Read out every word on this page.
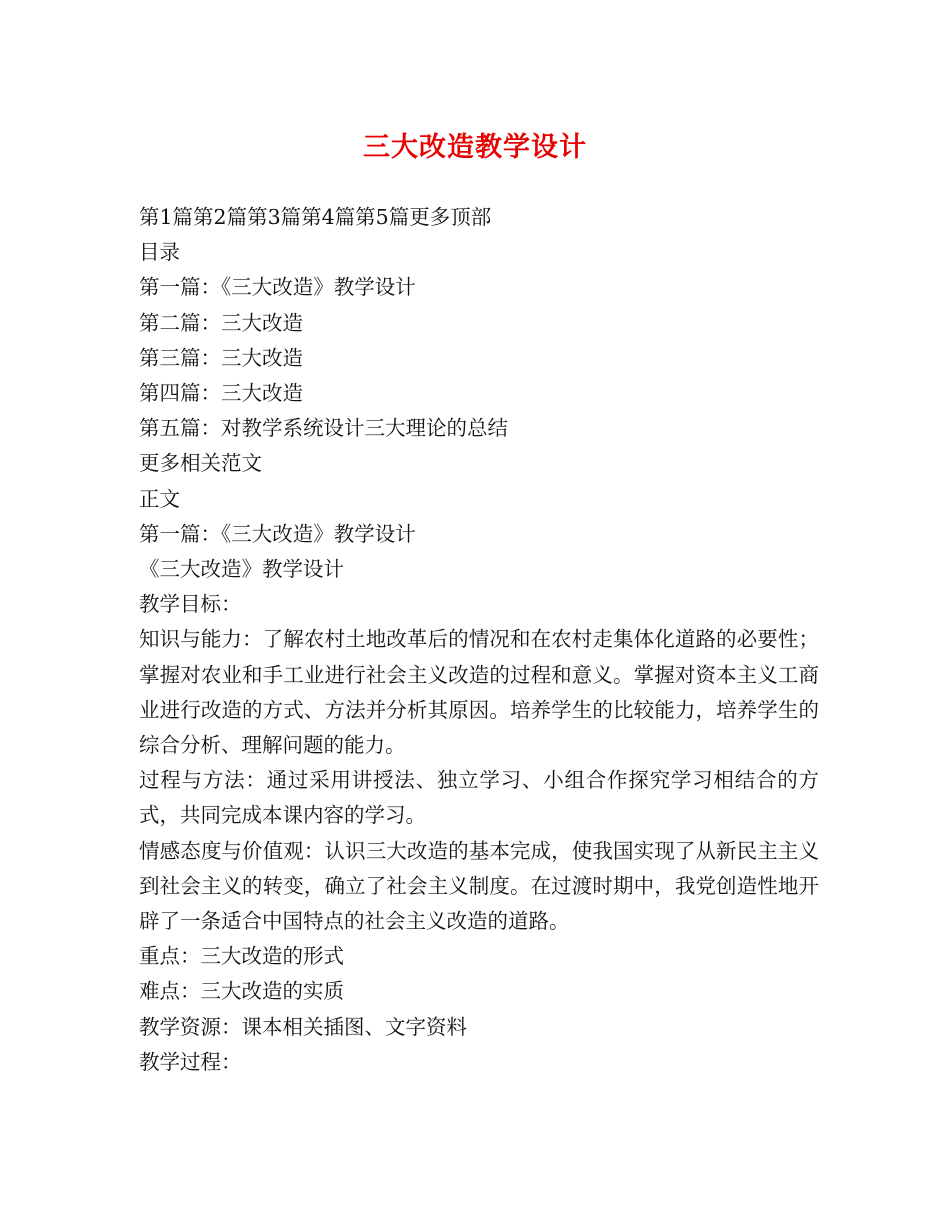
三大改造教学设计
第1篇第2篇第3篇第4篇第5篇更多顶部
目录
第一篇：《三大改造》教学设计
第二篇：三大改造
第三篇：三大改造
第四篇：三大改造
第五篇：对教学系统设计三大理论的总结
更多相关范文
正文
第一篇：《三大改造》教学设计
《三大改造》教学设计
教学目标：
知识与能力：了解农村土地改革后的情况和在农村走集体化道路的必要性；掌握对农业和手工业进行社会主义改造的过程和意义。掌握对资本主义工商业进行改造的方式、方法并分析其原因。培养学生的比较能力，培养学生的综合分析、理解问题的能力。
过程与方法：通过采用讲授法、独立学习、小组合作探究学习相结合的方式，共同完成本课内容的学习。
情感态度与价值观：认识三大改造的基本完成，使我国实现了从新民主主义到社会主义的转变，确立了社会主义制度。在过渡时期中，我党创造性地开辟了一条适合中国特点的社会主义改造的道路。
重点：三大改造的形式
难点：三大改造的实质
教学资源：课本相关插图、文字资料
教学过程：
